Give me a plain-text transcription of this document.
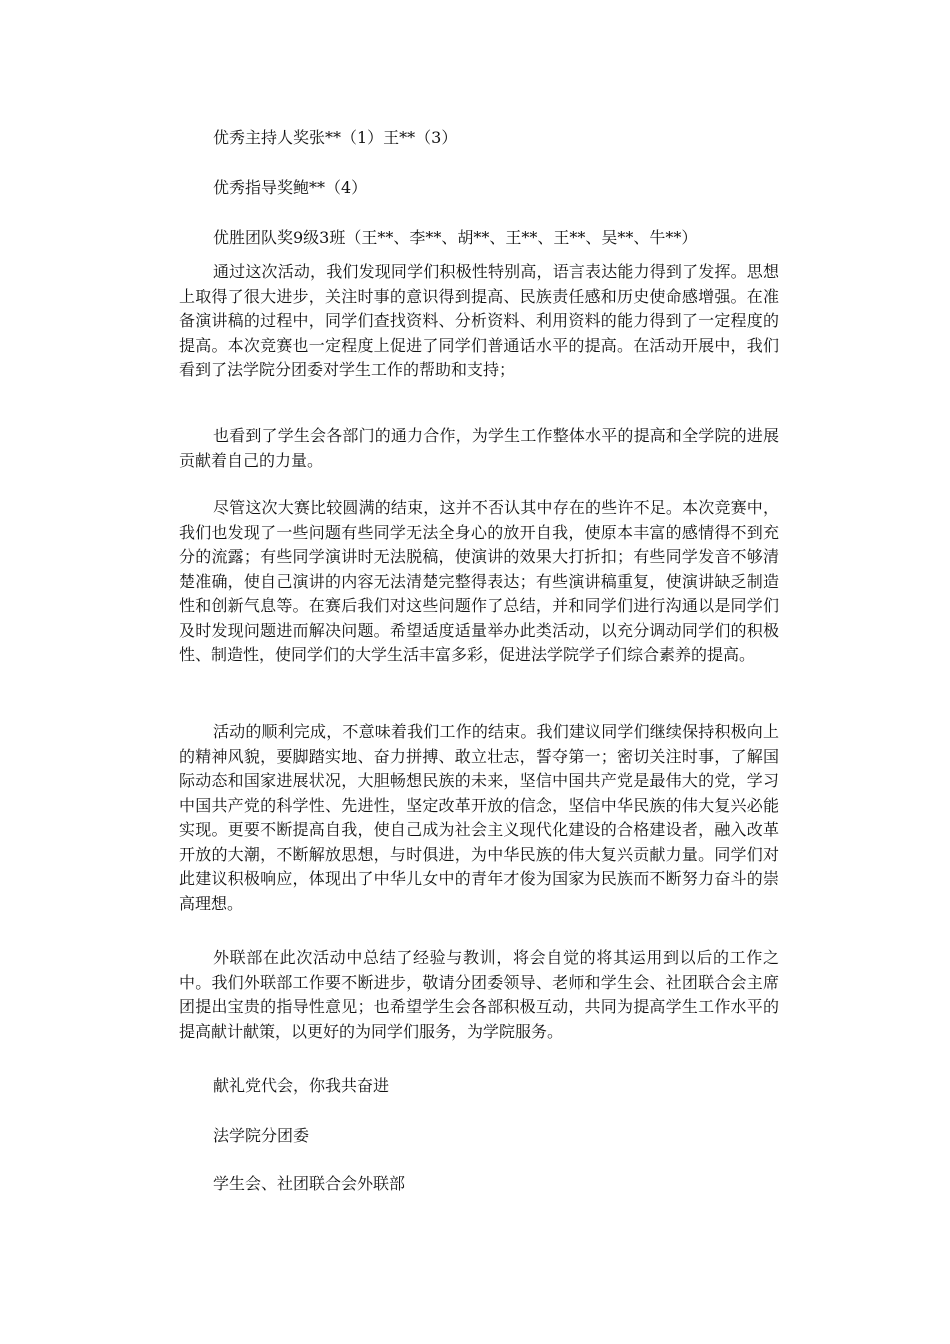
优秀主持人奖张**（1）王**（3）

优秀指导奖鲍**（4）

优胜团队奖9级3班（王**、李**、胡**、王**、王**、吴**、牛**）

通过这次活动，我们发现同学们积极性特别高，语言表达能力得到了发挥。思想上取得了很大进步，关注时事的意识得到提高、民族责任感和历史使命感增强。在准备演讲稿的过程中，同学们查找资料、分析资料、利用资料的能力得到了一定程度的提高。本次竞赛也一定程度上促进了同学们普通话水平的提高。在活动开展中，我们看到了法学院分团委对学生工作的帮助和支持；

也看到了学生会各部门的通力合作，为学生工作整体水平的提高和全学院的进展贡献着自己的力量。

尽管这次大赛比较圆满的结束，这并不否认其中存在的些许不足。本次竞赛中，我们也发现了一些问题有些同学无法全身心的放开自我，使原本丰富的感情得不到充分的流露；有些同学演讲时无法脱稿，使演讲的效果大打折扣；有些同学发音不够清楚准确，使自己演讲的内容无法清楚完整得表达；有些演讲稿重复，使演讲缺乏制造性和创新气息等。在赛后我们对这些问题作了总结，并和同学们进行沟通以是同学们及时发现问题进而解决问题。希望适度适量举办此类活动，以充分调动同学们的积极性、制造性，使同学们的大学生活丰富多彩，促进法学院学子们综合素养的提高。

活动的顺利完成，不意味着我们工作的结束。我们建议同学们继续保持积极向上的精神风貌，要脚踏实地、奋力拼搏、敢立壮志，誓夺第一；密切关注时事，了解国际动态和国家进展状况，大胆畅想民族的未来，坚信中国共产党是最伟大的党，学习中国共产党的科学性、先进性，坚定改革开放的信念，坚信中华民族的伟大复兴必能实现。更要不断提高自我，使自己成为社会主义现代化建设的合格建设者，融入改革开放的大潮，不断解放思想，与时俱进，为中华民族的伟大复兴贡献力量。同学们对此建议积极响应，体现出了中华儿女中的青年才俊为国家为民族而不断努力奋斗的崇高理想。

外联部在此次活动中总结了经验与教训，将会自觉的将其运用到以后的工作之中。我们外联部工作要不断进步，敬请分团委领导、老师和学生会、社团联合会主席团提出宝贵的指导性意见；也希望学生会各部积极互动，共同为提高学生工作水平的提高献计献策，以更好的为同学们服务，为学院服务。

献礼党代会，你我共奋进

法学院分团委

学生会、社团联合会外联部
